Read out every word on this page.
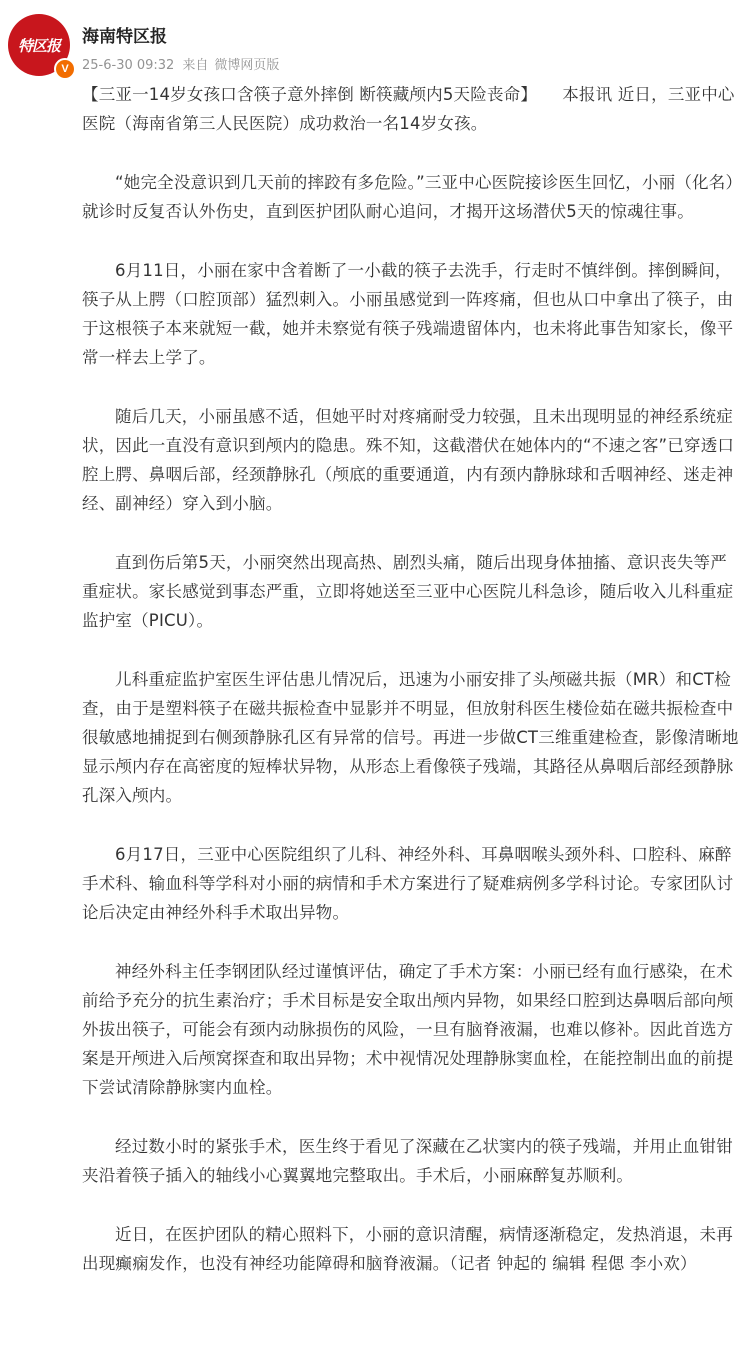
特区报
V
海南特区报
25-6-30 09:32 来自 微博网页版

【三亚一14岁女孩口含筷子意外摔倒 断筷藏颅内5天险丧命】　　本报讯 近日，三亚中心医院（海南省第三人民医院）成功救治一名14岁女孩。

“她完全没意识到几天前的摔跤有多危险。”三亚中心医院接诊医生回忆，小丽（化名）就诊时反复否认外伤史，直到医护团队耐心追问，才揭开这场潜伏5天的惊魂往事。

6月11日，小丽在家中含着断了一小截的筷子去洗手，行走时不慎绊倒。摔倒瞬间，筷子从上腭（口腔顶部）猛烈刺入。小丽虽感觉到一阵疼痛，但也从口中拿出了筷子，由于这根筷子本来就短一截，她并未察觉有筷子残端遗留体内，也未将此事告知家长，像平常一样去上学了。

随后几天，小丽虽感不适，但她平时对疼痛耐受力较强，且未出现明显的神经系统症状，因此一直没有意识到颅内的隐患。殊不知，这截潜伏在她体内的“不速之客”已穿透口腔上腭、鼻咽后部，经颈静脉孔（颅底的重要通道，内有颈内静脉球和舌咽神经、迷走神经、副神经）穿入到小脑。

直到伤后第5天，小丽突然出现高热、剧烈头痛，随后出现身体抽搐、意识丧失等严重症状。家长感觉到事态严重，立即将她送至三亚中心医院儿科急诊，随后收入儿科重症监护室（PICU）。

儿科重症监护室医生评估患儿情况后，迅速为小丽安排了头颅磁共振（MR）和CT检查，由于是塑料筷子在磁共振检查中显影并不明显，但放射科医生楼俭茹在磁共振检查中很敏感地捕捉到右侧颈静脉孔区有异常的信号。再进一步做CT三维重建检查，影像清晰地显示颅内存在高密度的短棒状异物，从形态上看像筷子残端，其路径从鼻咽后部经颈静脉孔深入颅内。

6月17日，三亚中心医院组织了儿科、神经外科、耳鼻咽喉头颈外科、口腔科、麻醉手术科、输血科等学科对小丽的病情和手术方案进行了疑难病例多学科讨论。专家团队讨论后决定由神经外科手术取出异物。

神经外科主任李钢团队经过谨慎评估，确定了手术方案：小丽已经有血行感染，在术前给予充分的抗生素治疗；手术目标是安全取出颅内异物，如果经口腔到达鼻咽后部向颅外拔出筷子，可能会有颈内动脉损伤的风险，一旦有脑脊液漏，也难以修补。因此首选方案是开颅进入后颅窝探查和取出异物；术中视情况处理静脉窦血栓，在能控制出血的前提下尝试清除静脉窦内血栓。

经过数小时的紧张手术，医生终于看见了深藏在乙状窦内的筷子残端，并用止血钳钳夹沿着筷子插入的轴线小心翼翼地完整取出。手术后，小丽麻醉复苏顺利。

近日，在医护团队的精心照料下，小丽的意识清醒，病情逐渐稳定，发热消退，未再出现癫痫发作，也没有神经功能障碍和脑脊液漏。（记者 钟起的 编辑 程偲 李小欢）
